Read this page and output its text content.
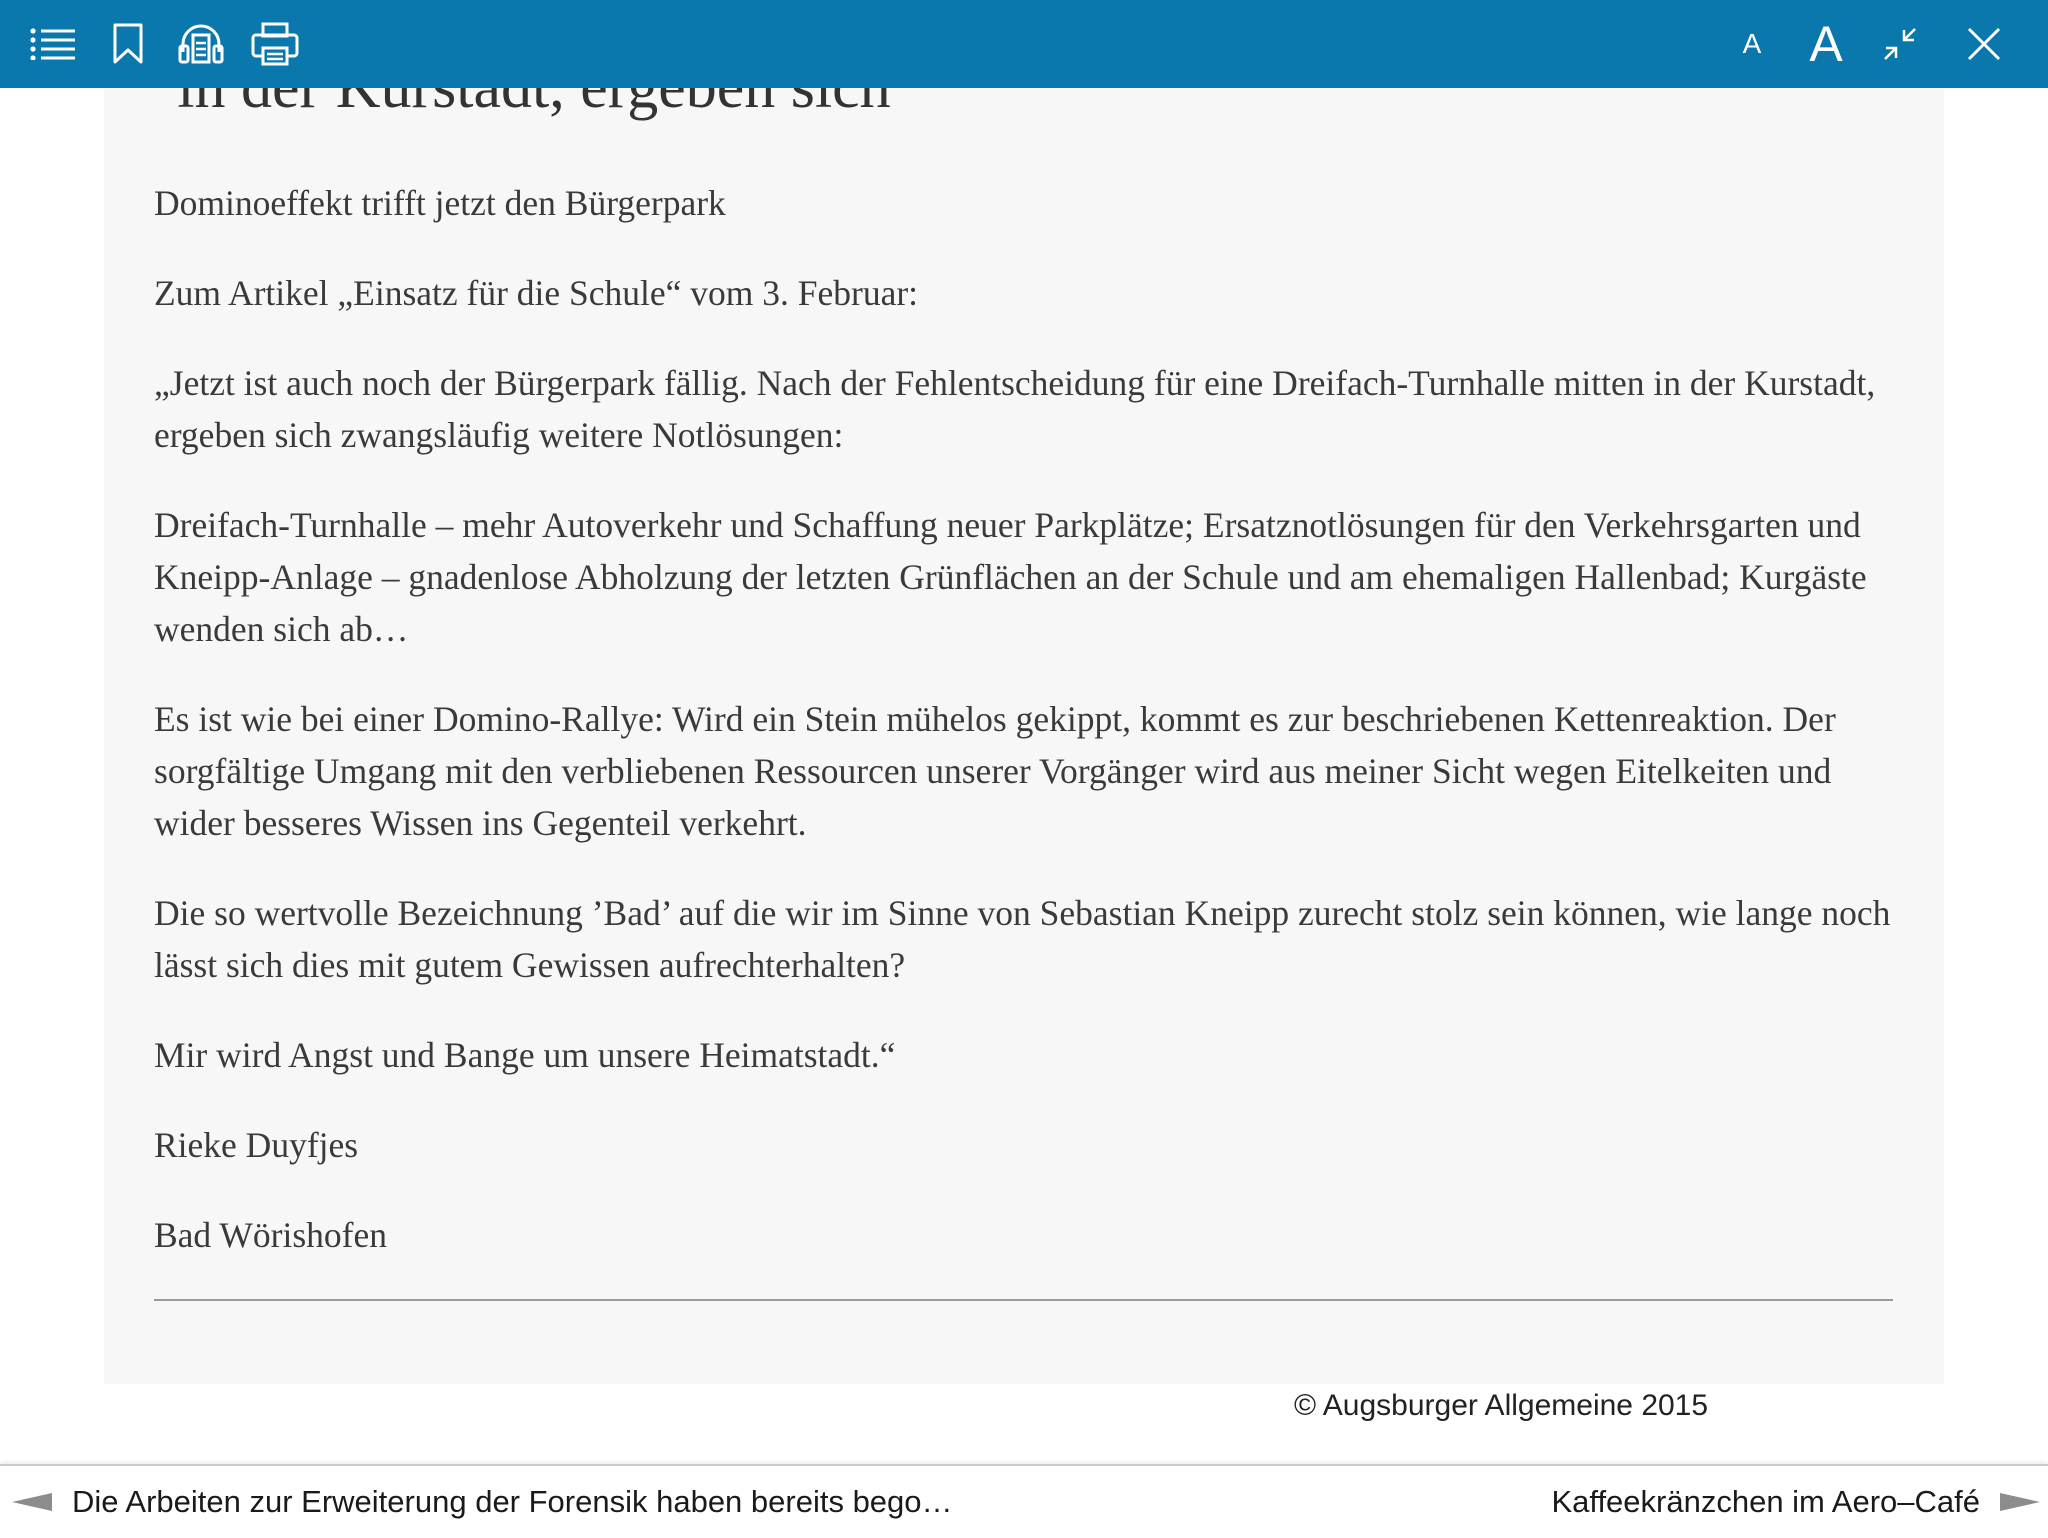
A A

Dominoeffekt trifft jetzt den Bürgerpark

Zum Artikel „Einsatz für die Schule“ vom 3. Februar:

„Jetzt ist auch noch der Bürgerpark fällig. Nach der Fehlentscheidung für eine Dreifach-Turnhalle mitten in der Kurstadt, ergeben sich zwangsläufig weitere Notlösungen:

Dreifach-Turnhalle – mehr Autoverkehr und Schaffung neuer Parkplätze; Ersatznotlösungen für den Verkehrsgarten und Kneipp-Anlage – gnadenlose Abholzung der letzten Grünflächen an der Schule und am ehemaligen Hallenbad; Kurgäste wenden sich ab…

Es ist wie bei einer Domino-Rallye: Wird ein Stein mühelos gekippt, kommt es zur beschriebenen Kettenreaktion. Der sorgfältige Umgang mit den verbliebenen Ressourcen unserer Vorgänger wird aus meiner Sicht wegen Eitelkeiten und wider besseres Wissen ins Gegenteil verkehrt.

Die so wertvolle Bezeichnung ’Bad’ auf die wir im Sinne von Sebastian Kneipp zurecht stolz sein können, wie lange noch lässt sich dies mit gutem Gewissen aufrechterhalten?

Mir wird Angst und Bange um unsere Heimatstadt.“

Rieke Duyfjes

Bad Wörishofen

© Augsburger Allgemeine 2015
Die Arbeiten zur Erweiterung der Forensik haben bereits bego…	Kaffeekränzchen im Aero–Café
